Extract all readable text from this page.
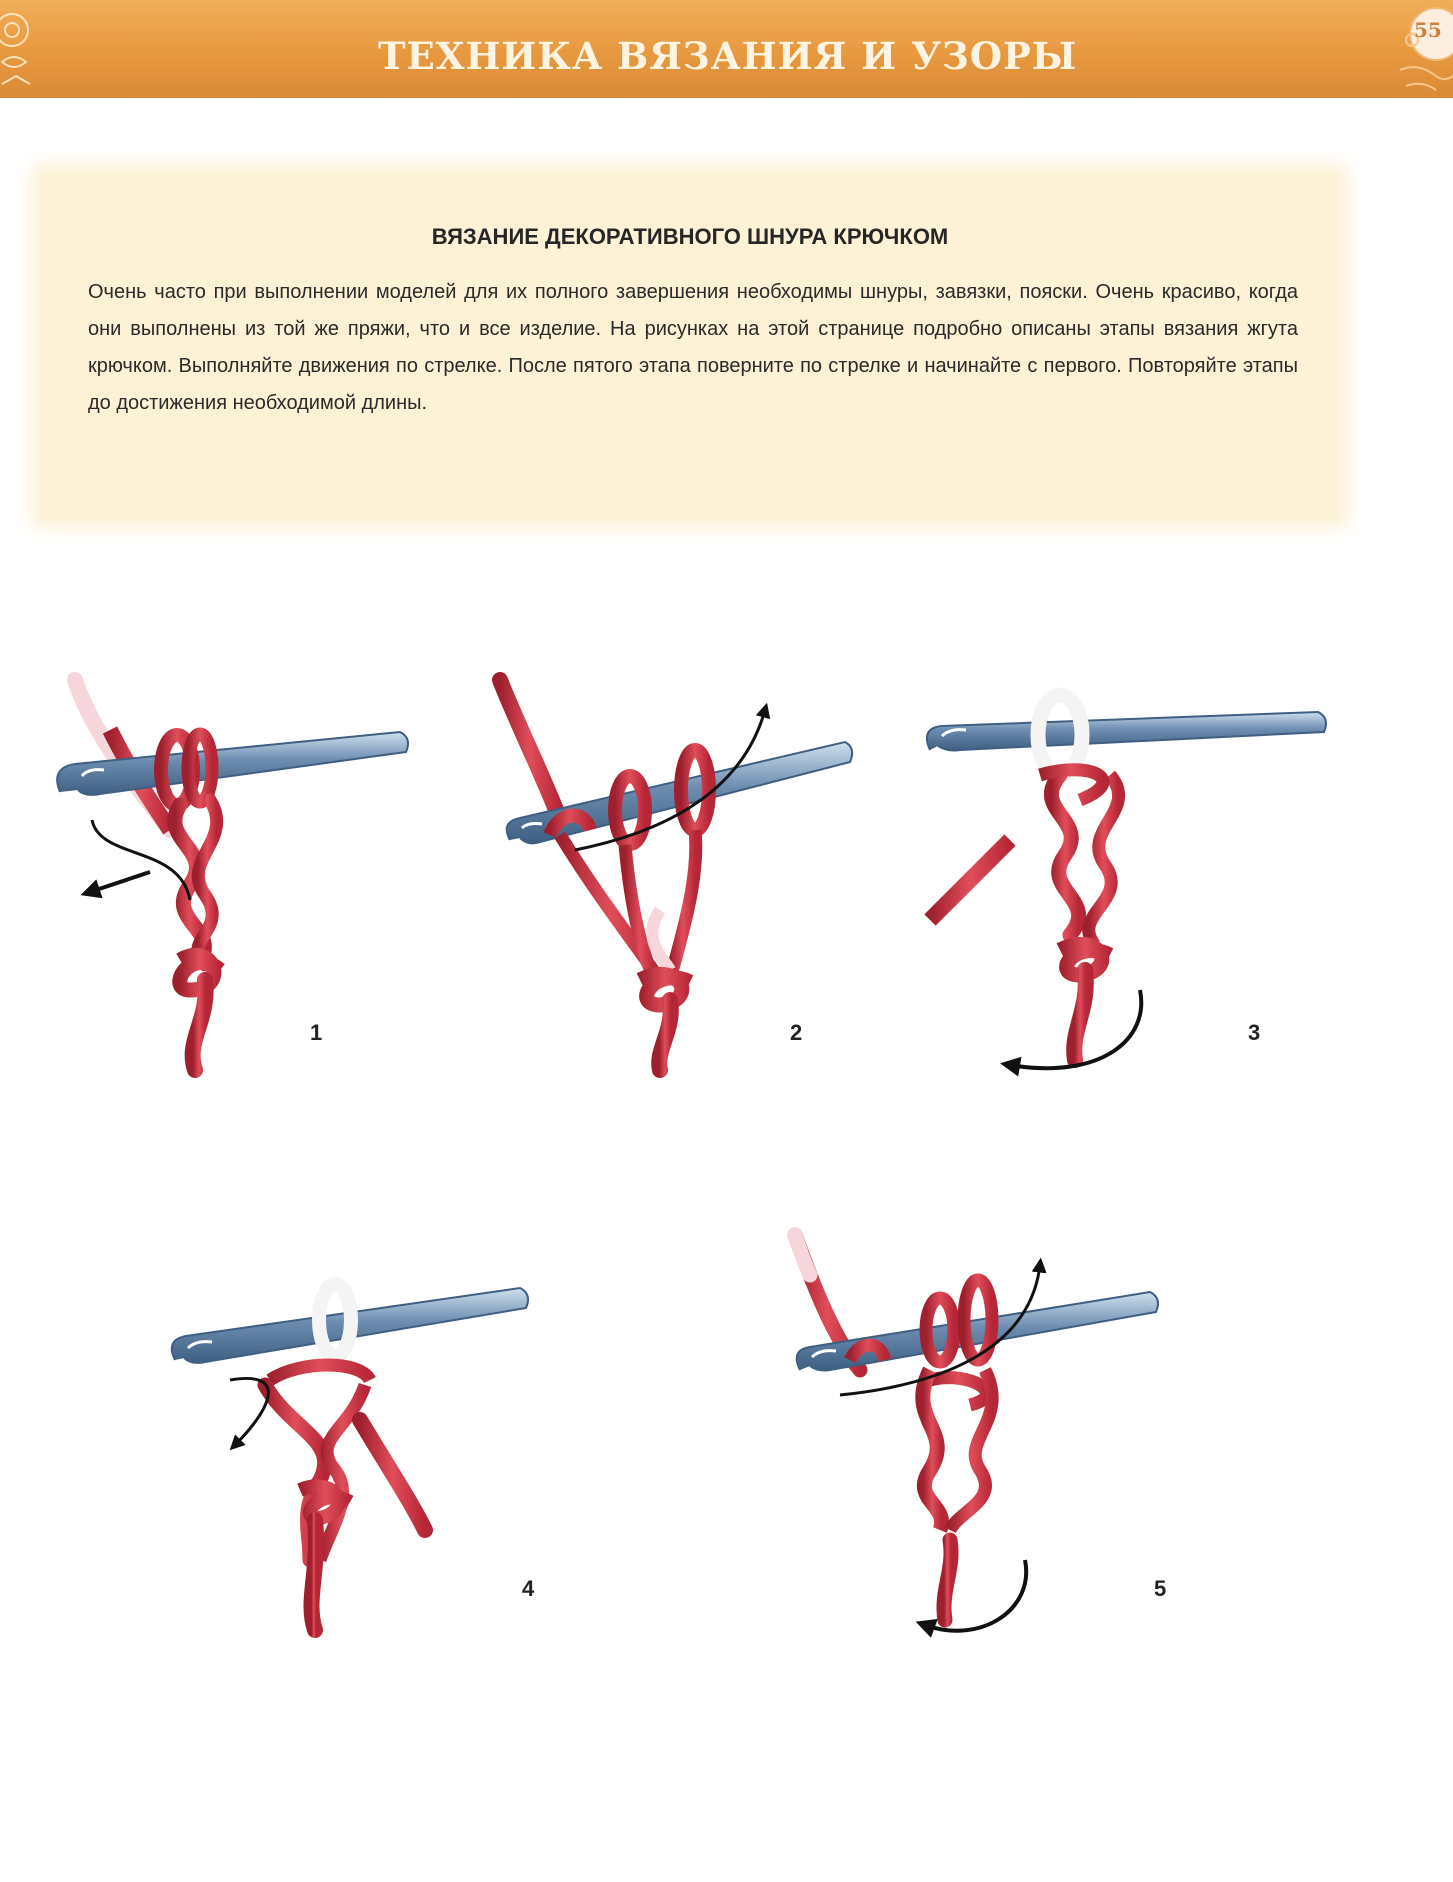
ТЕХНИКА ВЯЗАНИЯ И УЗОРЫ
55
ВЯЗАНИЕ ДЕКОРАТИВНОГО ШНУРА КРЮЧКОМ
Очень часто при выполнении моделей для их полного завершения необходимы шнуры, завязки, пояски. Очень красиво, когда они выполнены из той же пряжи, что и все изделие. На рисунках на этой странице подробно описаны этапы вязания жгута крючком. Выполняйте движения по стрелке. После пятого этапа поверните по стрелке и начинайте с первого. Повторяйте этапы до достижения необходимой длины.
1	2	3
4	5
